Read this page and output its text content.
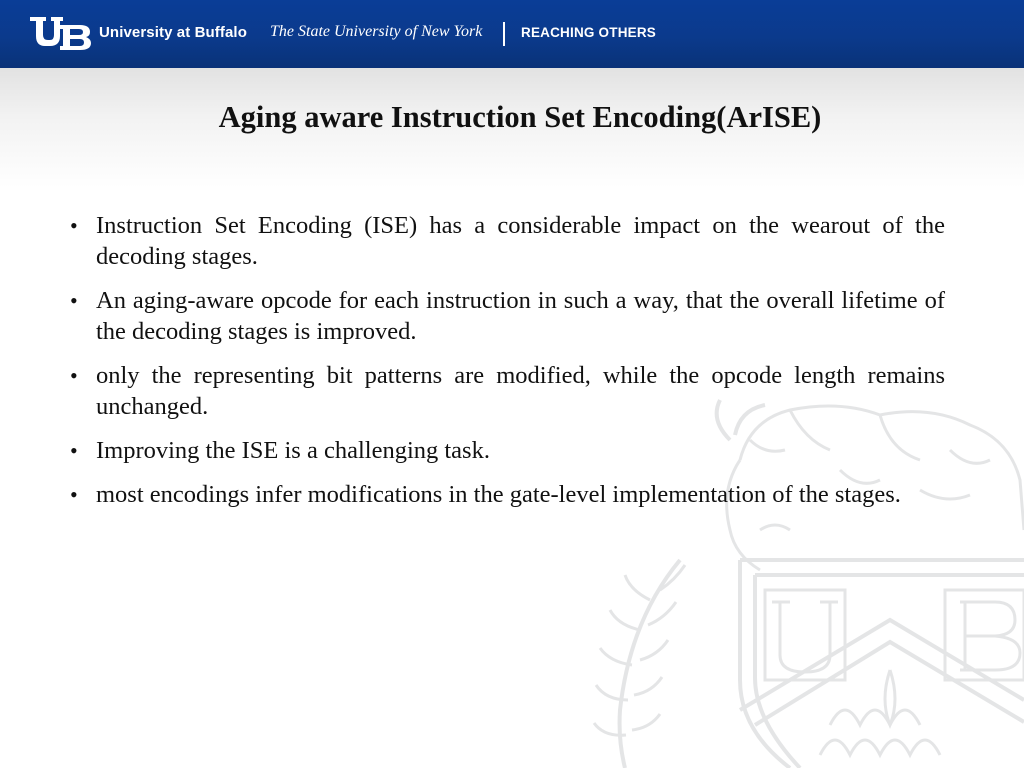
University at Buffalo The State University of New York	REACHING OTHERS
Aging aware Instruction Set Encoding(ArISE)
• Instruction Set Encoding (ISE) has a considerable impact on the wearout of the decoding stages.
• An aging-aware opcode for each instruction in such a way, that the overall lifetime of the decoding stages is improved.
• only the representing bit patterns are modified, while the opcode length remains unchanged.
• Improving the ISE is a challenging task.
• most encodings infer modifications in the gate-level implementation of the stages.
